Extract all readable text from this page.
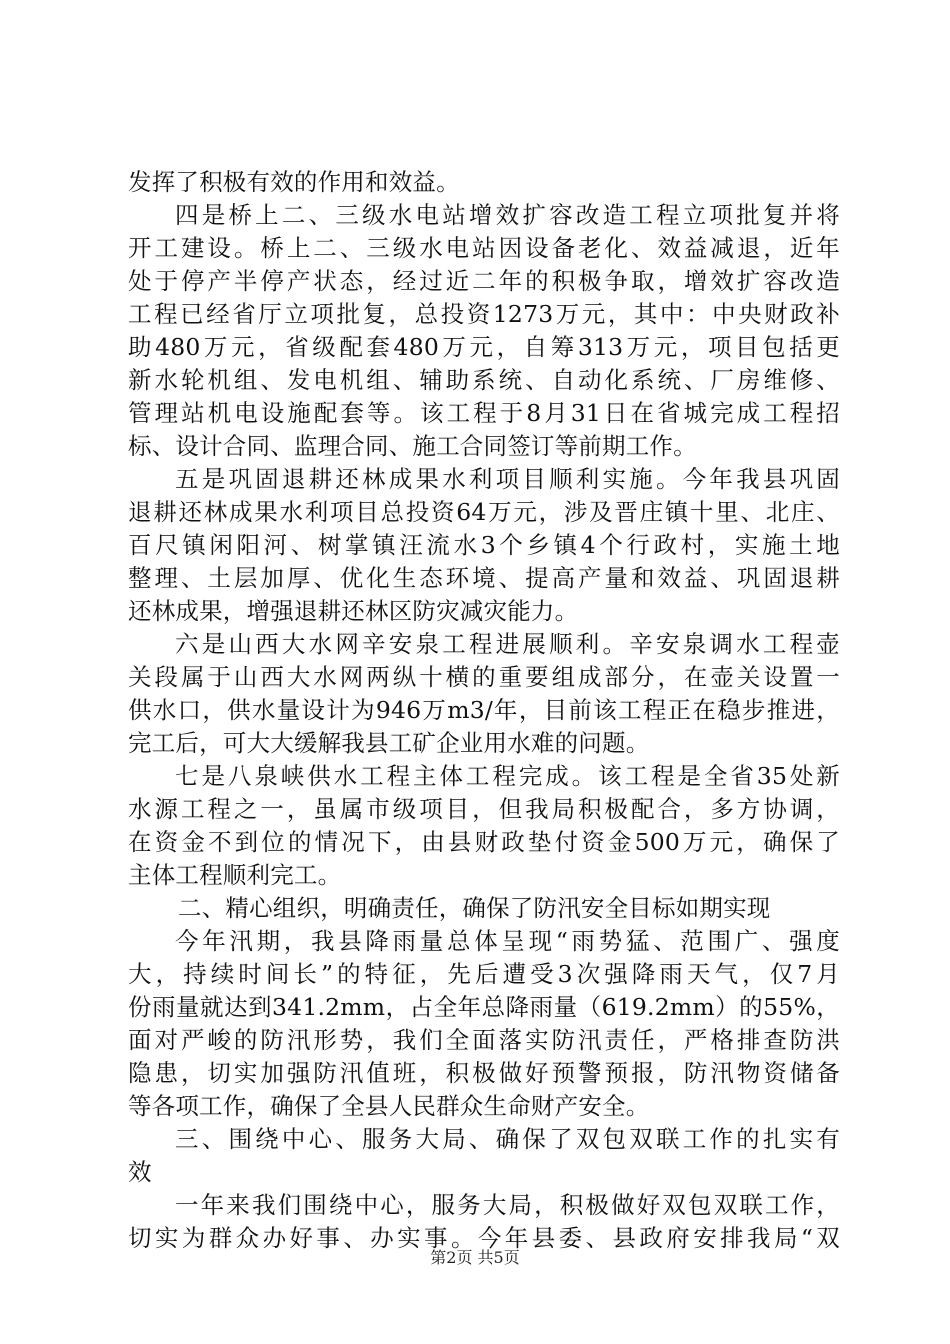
发挥了积极有效的作用和效益。
四是桥上二、三级水电站增效扩容改造工程立项批复并将
开工建设。桥上二、三级水电站因设备老化、效益减退，近年
处于停产半停产状态，经过近二年的积极争取，增效扩容改造
工程已经省厅立项批复，总投资1273万元，其中：中央财政补
助480万元，省级配套480万元，自筹313万元，项目包括更
新水轮机组、发电机组、辅助系统、自动化系统、厂房维修、
管理站机电设施配套等。该工程于8月31日在省城完成工程招
标、设计合同、监理合同、施工合同签订等前期工作。
五是巩固退耕还林成果水利项目顺利实施。今年我县巩固
退耕还林成果水利项目总投资64万元，涉及晋庄镇十里、北庄、
百尺镇闲阳河、树掌镇汪流水3个乡镇4个行政村，实施土地
整理、土层加厚、优化生态环境、提高产量和效益、巩固退耕
还林成果，增强退耕还林区防灾减灾能力。
六是山西大水网辛安泉工程进展顺利。辛安泉调水工程壶
关段属于山西大水网两纵十横的重要组成部分，在壶关设置一
供水口，供水量设计为946万m3/年，目前该工程正在稳步推进，
完工后，可大大缓解我县工矿企业用水难的问题。
七是八泉峡供水工程主体工程完成。该工程是全省35处新
水源工程之一，虽属市级项目，但我局积极配合，多方协调，
在资金不到位的情况下，由县财政垫付资金500万元，确保了
主体工程顺利完工。
二、精心组织，明确责任，确保了防汛安全目标如期实现
今年汛期，我县降雨量总体呈现“雨势猛、范围广、强度
大，持续时间长”的特征，先后遭受3次强降雨天气，仅7月
份雨量就达到341.2mm，占全年总降雨量（619.2mm）的55%，
面对严峻的防汛形势，我们全面落实防汛责任，严格排查防洪
隐患，切实加强防汛值班，积极做好预警预报，防汛物资储备
等各项工作，确保了全县人民群众生命财产安全。
三、围绕中心、服务大局、确保了双包双联工作的扎实有
效
一年来我们围绕中心，服务大局，积极做好双包双联工作，
切实为群众办好事、办实事。今年县委、县政府安排我局“双
第2页 共5页
